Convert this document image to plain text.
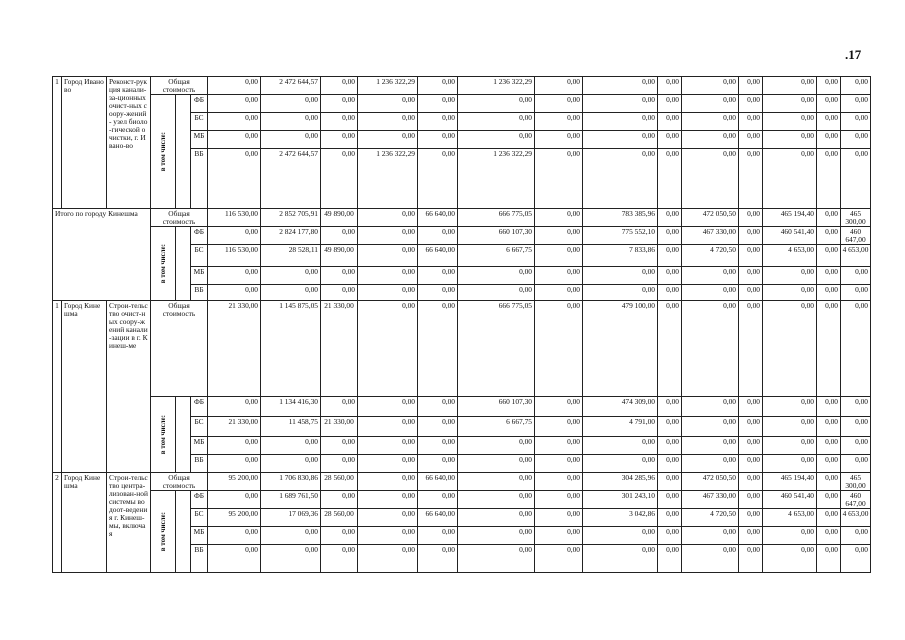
.17
1	Город Иваново	Реконст-рукция канали-за-ционных очист-ных соору-жений - узел биоло-гической очистки, г. Ивано-во	Общая стоимость			0,00	2 472 644,57	0,00	1 236 322,29	0,00	1 236 322,29	0,00	0,00	0,00	0,00	0,00	0,00	0,00	0,00

			в том числе:		ФБ	0,00	0,00	0,00	0,00	0,00	0,00	0,00	0,00	0,00	0,00	0,00	0,00	0,00	0,00
					БС	0,00	0,00	0,00	0,00	0,00	0,00	0,00	0,00	0,00	0,00	0,00	0,00	0,00	0,00
					МБ	0,00	0,00	0,00	0,00	0,00	0,00	0,00	0,00	0,00	0,00	0,00	0,00	0,00	0,00
					ВБ	0,00	2 472 644,57	0,00	1 236 322,29	0,00	1 236 322,29	0,00	0,00	0,00	0,00	0,00	0,00	0,00	0,00
Итого по городу Кинешма			Общая стоимость			116 530,00	2 852 705,91	49 890,00	0,00	66 640,00	666 775,05	0,00	783 385,96	0,00	472 050,50	0,00	465 194,40	0,00	465 300,00

			в том числе:		ФБ	0,00	2 824 177,80	0,00	0,00	0,00	660 107,30	0,00	775 552,10	0,00	467 330,00	0,00	460 541,40	0,00	460 647,00
					БС	116 530,00	28 528,11	49 890,00	0,00	66 640,00	6 667,75	0,00	7 833,86	0,00	4 720,50	0,00	4 653,00	0,00	4 653,00
					МБ	0,00	0,00	0,00	0,00	0,00	0,00	0,00	0,00	0,00	0,00	0,00	0,00	0,00	0,00
					ВБ	0,00	0,00	0,00	0,00	0,00	0,00	0,00	0,00	0,00	0,00	0,00	0,00	0,00	0,00
1	Город Кинешма	Строи-тельство очист-ных соору-жений канали-зации в г. Кинеш-ме	Общая стоимость			21 330,00	1 145 875,05	21 330,00	0,00	0,00	666 775,05	0,00	479 100,00	0,00	0,00	0,00	0,00	0,00	0,00

			в том числе:		ФБ	0,00	1 134 416,30	0,00	0,00	0,00	660 107,30	0,00	474 309,00	0,00	0,00	0,00	0,00	0,00	0,00
					БС	21 330,00	11 458,75	21 330,00	0,00	0,00	6 667,75	0,00	4 791,00	0,00	0,00	0,00	0,00	0,00	0,00
					МБ	0,00	0,00	0,00	0,00	0,00	0,00	0,00	0,00	0,00	0,00	0,00	0,00	0,00	0,00
					ВБ	0,00	0,00	0,00	0,00	0,00	0,00	0,00	0,00	0,00	0,00	0,00	0,00	0,00	0,00
2	Город Кинешма	Строи-тельство центра-лизован-ной системы водоот-ведения г. Кинеш-мы, включая	Общая стоимость			95 200,00	1 706 830,86	28 560,00	0,00	66 640,00	0,00	0,00	304 285,96	0,00	472 050,50	0,00	465 194,40	0,00	465 300,00

			в том числе:		ФБ	0,00	1 689 761,50	0,00	0,00	0,00	0,00	0,00	301 243,10	0,00	467 330,00	0,00	460 541,40	0,00	460 647,00
					БС	95 200,00	17 069,36	28 560,00	0,00	66 640,00	0,00	0,00	3 042,86	0,00	4 720,50	0,00	4 653,00	0,00	4 653,00
					МБ	0,00	0,00	0,00	0,00	0,00	0,00	0,00	0,00	0,00	0,00	0,00	0,00	0,00	0,00
					ВБ	0,00	0,00	0,00	0,00	0,00	0,00	0,00	0,00	0,00	0,00	0,00	0,00	0,00	0,00
